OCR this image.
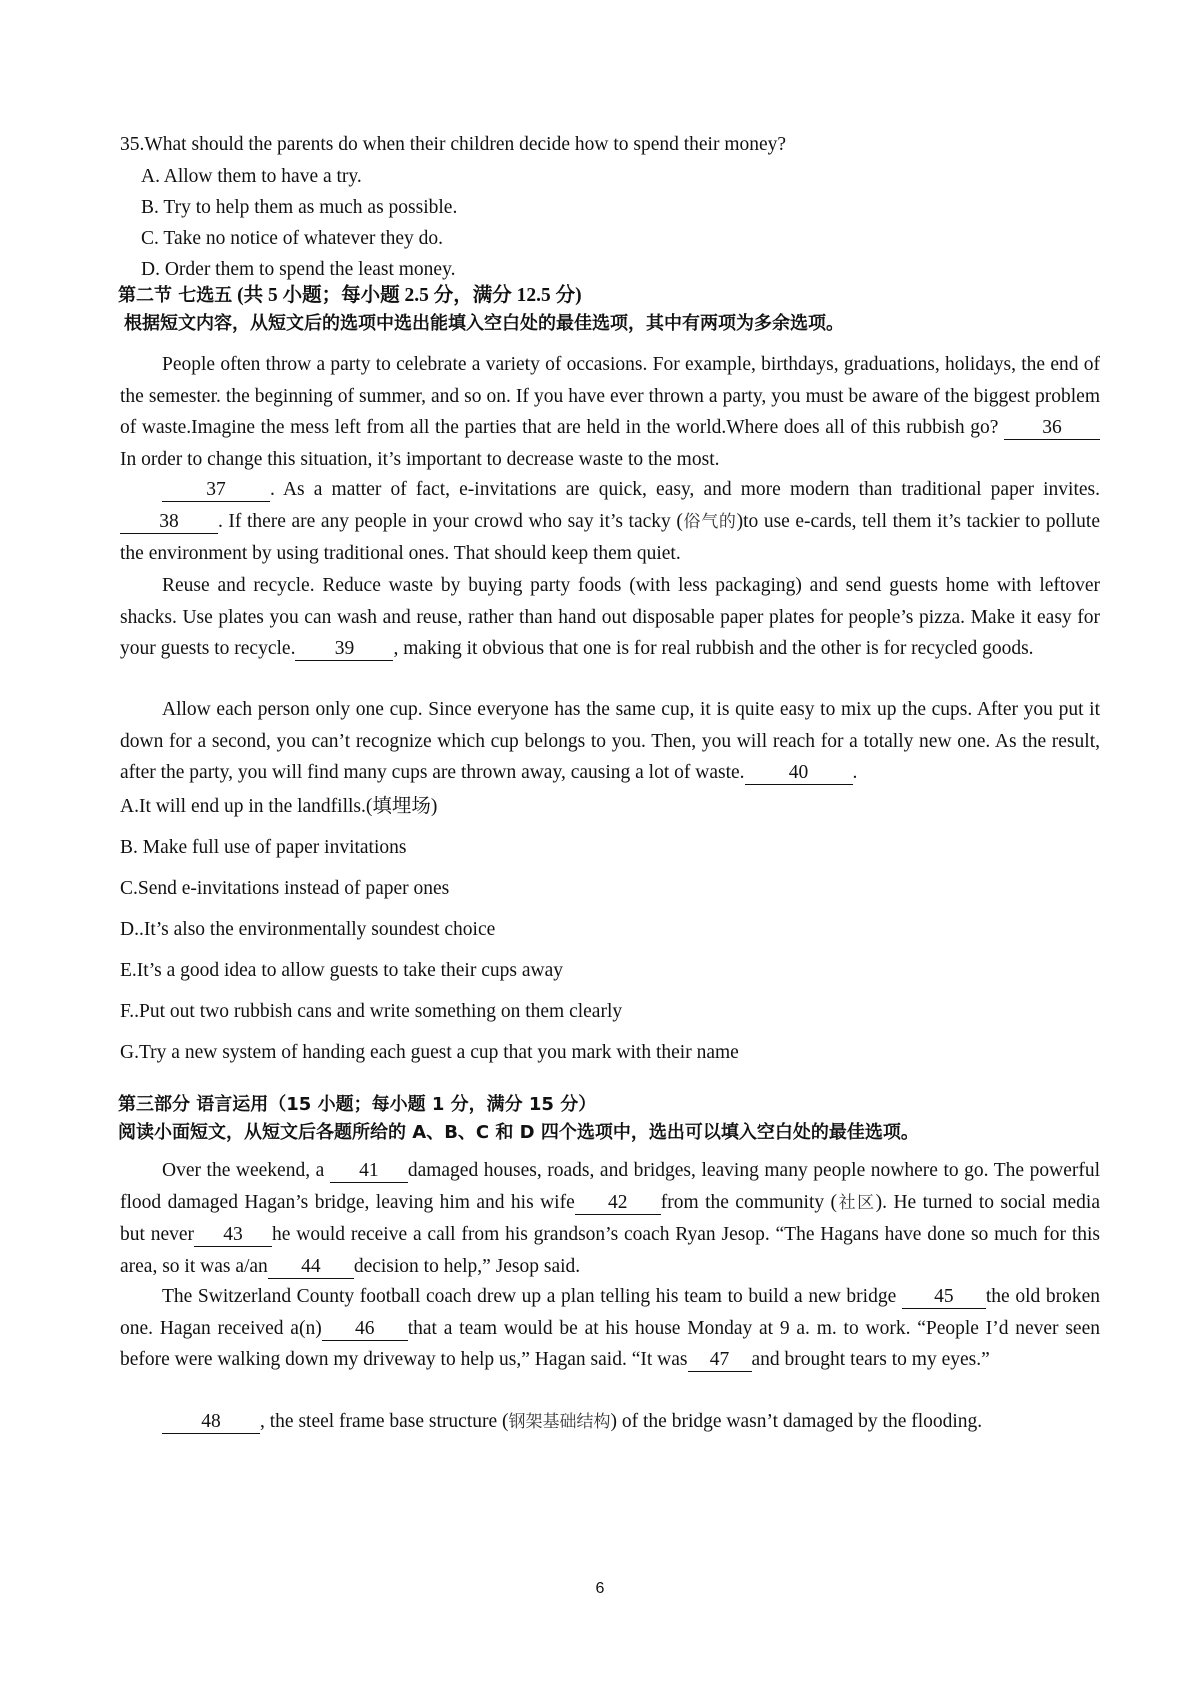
35.What should the parents do when their children decide how to spend their money?
A. Allow them to have a try.
B. Try to help them as much as possible.
C. Take no notice of whatever they do.
D. Order them to spend the least money.
第二节 七选五 (共 5 小题；每小题 2.5 分，满分 12.5 分)
根据短文内容，从短文后的选项中选出能填入空白处的最佳选项，其中有两项为多余选项。

People often throw a party to celebrate a variety of occasions. For example, birthdays, graduations, holidays, the end of the semester. the beginning of summer, and so on. If you have ever thrown a party, you must be aware of the biggest problem of waste.Imagine the mess left from all the parties that are held in the world.Where does all of this rubbish go? 36 In order to change this situation, it’s important to decrease waste to the most.

37 . As a matter of fact, e-invitations are quick, easy, and more modern than traditional paper invites.38 . If there are any people in your crowd who say it’s tacky (俗气的)to use e-cards, tell them it’s tackier to pollute the environment by using traditional ones. That should keep them quiet.

Reuse and recycle. Reduce waste by buying party foods (with less packaging) and send guests home with leftover shacks. Use plates you can wash and reuse, rather than hand out disposable paper plates for people’s pizza. Make it easy for your guests to recycle. 39 , making it obvious that one is for real rubbish and the other is for recycled goods.

Allow each person only one cup. Since everyone has the same cup, it is quite easy to mix up the cups. After you put it down for a second, you can’t recognize which cup belongs to you. Then, you will reach for a totally new one. As the result, after the party, you will find many cups are thrown away, causing a lot of waste. 40 .

A.It will end up in the landfills.(填埋场)
B. Make full use of paper invitations
C.Send e-invitations instead of paper ones
D..It’s also the environmentally soundest choice
E.It’s a good idea to allow guests to take their cups away
F..Put out two rubbish cans and write something on them clearly
G.Try a new system of handing each guest a cup that you mark with their name
第三部分 语言运用（15 小题；每小题 1 分，满分 15 分）
阅读小面短文，从短文后各题所给的 A、B、C 和 D 四个选项中，选出可以填入空白处的最佳选项。

Over the weekend, a 41 damaged houses, roads, and bridges, leaving many people nowhere to go. The powerful flood damaged Hagan’s bridge, leaving him and his wife 42 from the community (社区). He turned to social media but never 43 he would receive a call from his grandson’s coach Ryan Jesop. “The Hagans have done so much for this area, so it was a/an 44 decision to help,” Jesop said.

The Switzerland County football coach drew up a plan telling his team to build a new bridge 45 the old broken one. Hagan received a(n) 46 that a team would be at his house Monday at 9 a. m. to work. “People I’d never seen before were walking down my driveway to help us,” Hagan said. “It was 47 and brought tears to my eyes.”

48 , the steel frame base structure (钢架基础结构) of the bridge wasn’t damaged by the flooding.

6
